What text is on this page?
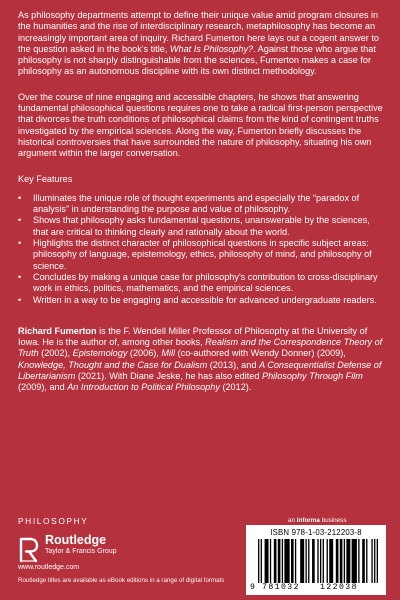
As philosophy departments attempt to define their unique value amid program closures in the humanities and the rise of interdisciplinary research, metaphilosophy has become an increasingly important area of inquiry. Richard Fumerton here lays out a cogent answer to the question asked in the book's title, What Is Philosophy?. Against those who argue that philosophy is not sharply distinguishable from the sciences, Fumerton makes a case for philosophy as an autonomous discipline with its own distinct methodology.

Over the course of nine engaging and accessible chapters, he shows that answering fundamental philosophical questions requires one to take a radical first-person perspective that divorces the truth conditions of philosophical claims from the kind of contingent truths investigated by the empirical sciences. Along the way, Fumerton briefly discusses the historical controversies that have surrounded the nature of philosophy, situating his own argument within the larger conversation.

Key Features

• Illuminates the unique role of thought experiments and especially the “paradox of analysis” in understanding the purpose and value of philosophy.
• Shows that philosophy asks fundamental questions, unanswerable by the sciences, that are critical to thinking clearly and rationally about the world.
• Highlights the distinct character of philosophical questions in specific subject areas: philosophy of language, epistemology, ethics, philosophy of mind, and philosophy of science.
• Concludes by making a unique case for philosophy's contribution to cross-disciplinary work in ethics, politics, mathematics, and the empirical sciences.
• Written in a way to be engaging and accessible for advanced undergraduate readers.

Richard Fumerton is the F. Wendell Miller Professor of Philosophy at the University of Iowa. He is the author of, among other books, Realism and the Correspondence Theory of Truth (2002), Epistemology (2006), Mill (co-authored with Wendy Donner) (2009), Knowledge, Thought and the Case for Dualism (2013), and A Consequentialist Defense of Libertarianism (2021). With Diane Jeske, he has also edited Philosophy Through Film (2009), and An Introduction to Political Philosophy (2012).

PHILOSOPHY	an informa business
Routledge
Taylor & Francis Group
www.routledge.com
Routledge titles are available as eBook editions in a range of digital formats
ISBN 978-1-03-212203-8
9 781032 122038
